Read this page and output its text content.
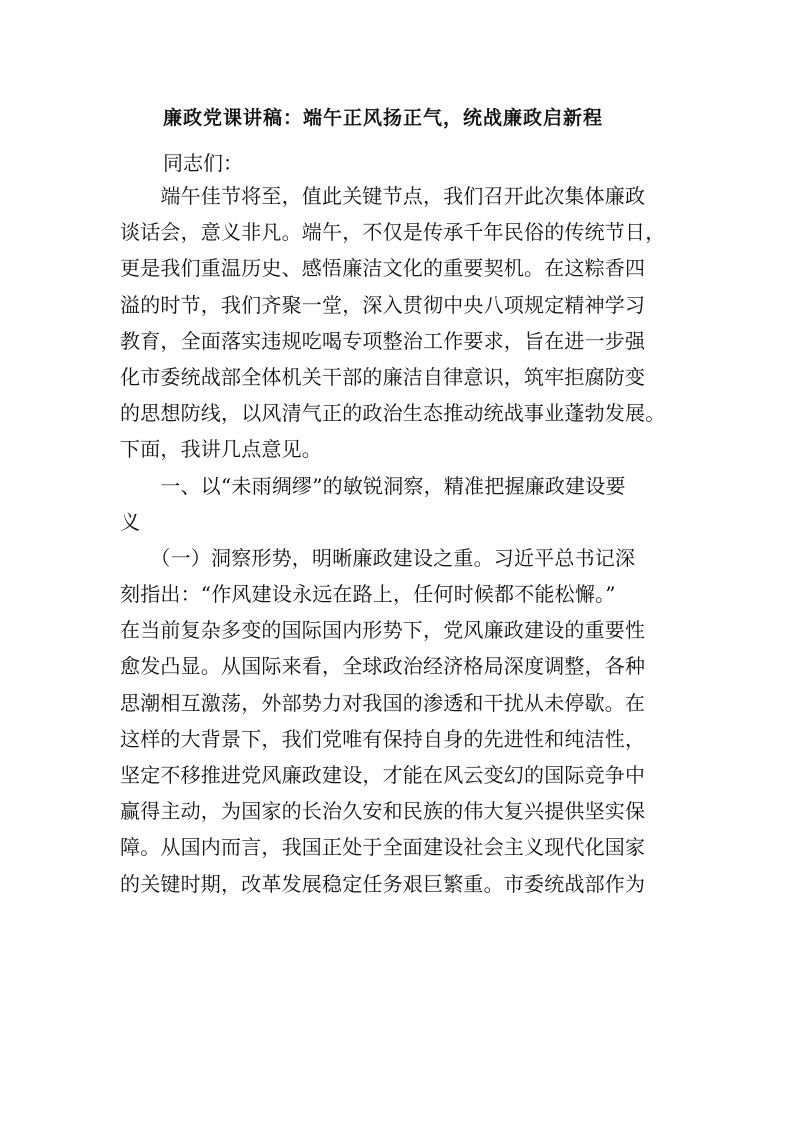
廉政党课讲稿：端午正风扬正气，统战廉政启新程
同志们：
　　端午佳节将至，值此关键节点，我们召开此次集体廉政
谈话会，意义非凡。端午，不仅是传承千年民俗的传统节日，
更是我们重温历史、感悟廉洁文化的重要契机。在这粽香四
溢的时节，我们齐聚一堂，深入贯彻中央八项规定精神学习
教育，全面落实违规吃喝专项整治工作要求，旨在进一步强
化市委统战部全体机关干部的廉洁自律意识，筑牢拒腐防变
的思想防线，以风清气正的政治生态推动统战事业蓬勃发展。
下面，我讲几点意见。
　　一、以“未雨绸缪”的敏锐洞察，精准把握廉政建设要
义
　　（一）洞察形势，明晰廉政建设之重。习近平总书记深
刻指出：“作风建设永远在路上，任何时候都不能松懈。”
在当前复杂多变的国际国内形势下，党风廉政建设的重要性
愈发凸显。从国际来看，全球政治经济格局深度调整，各种
思潮相互激荡，外部势力对我国的渗透和干扰从未停歇。在
这样的大背景下，我们党唯有保持自身的先进性和纯洁性，
坚定不移推进党风廉政建设，才能在风云变幻的国际竞争中
赢得主动，为国家的长治久安和民族的伟大复兴提供坚实保
障。从国内而言，我国正处于全面建设社会主义现代化国家
的关键时期，改革发展稳定任务艰巨繁重。市委统战部作为
